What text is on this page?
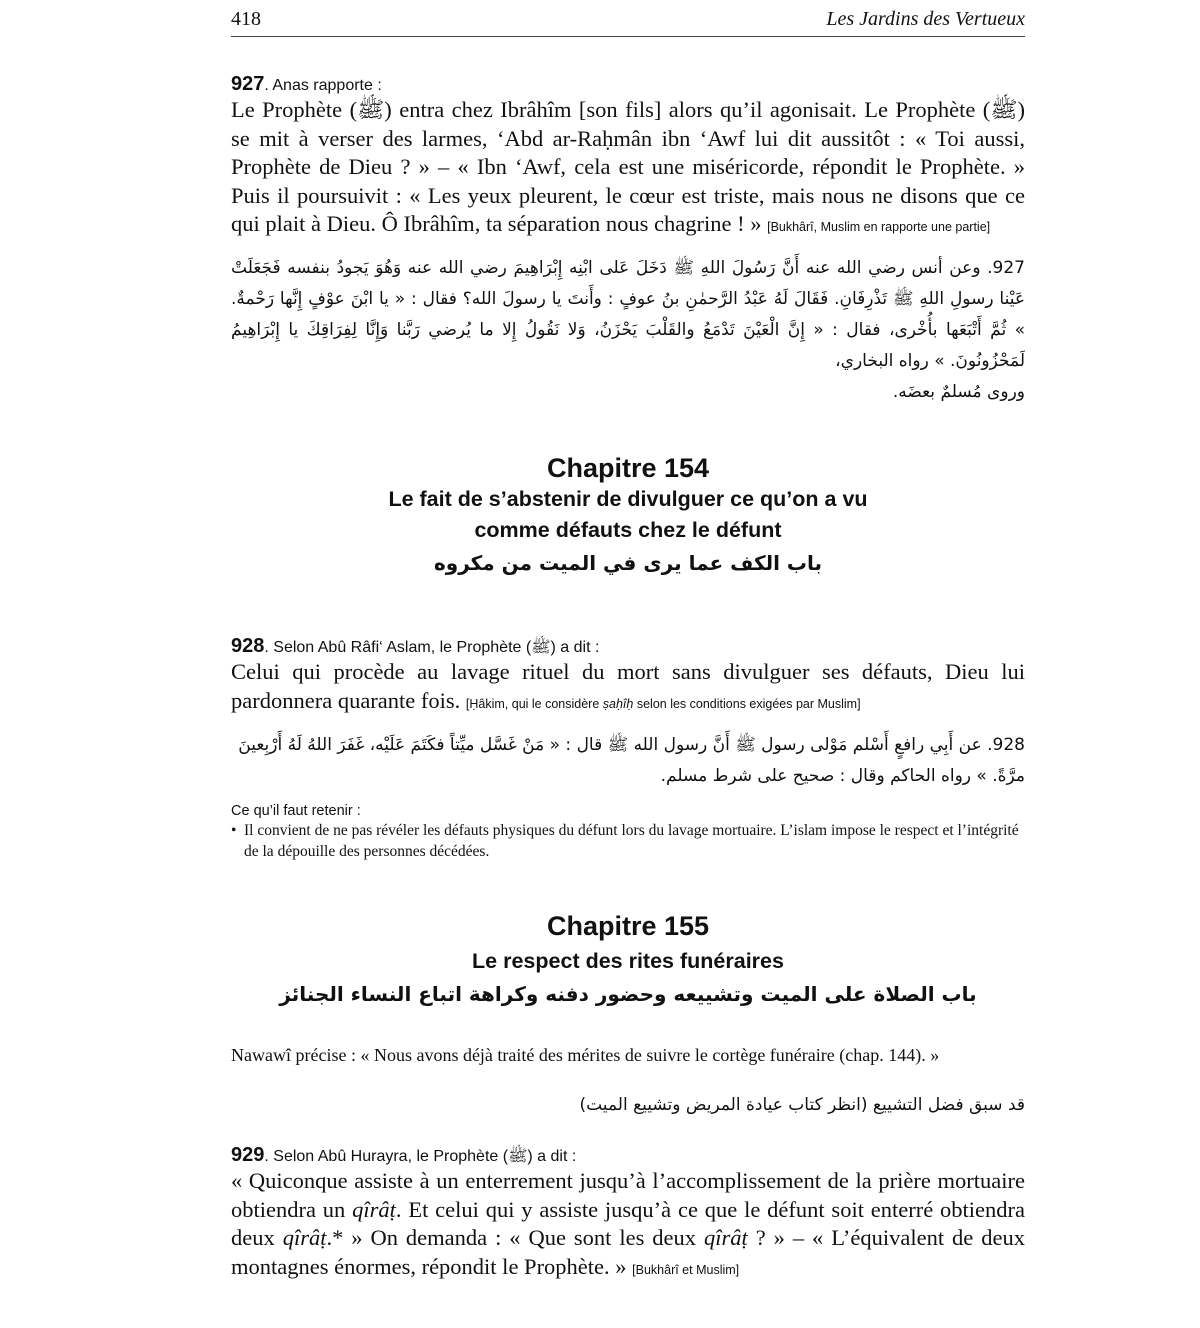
418	Les Jardins des Vertueux
927. Anas rapporte :
Le Prophète (ﷺ) entra chez Ibrâhîm [son fils] alors qu’il agonisait. Le Prophète (ﷺ) se mit à verser des larmes, ‘Abd ar-Raḥmân ibn ‘Awf lui dit aussitôt : « Toi aussi, Prophète de Dieu ? » – « Ibn ‘Awf, cela est une miséricorde, répondit le Prophète. » Puis il poursuivit : « Les yeux pleurent, le cœur est triste, mais nous ne disons que ce qui plait à Dieu. Ô Ibrâhîm, ta séparation nous chagrine ! » [Bukhârî, Muslim en rapporte une partie]
927. وعن أنس رضي الله عنه أَنَّ رَسُولَ اللهِ ﷺ دَخَلَ عَلى ابْنِه إِبْرَاهِيمَ رضي الله عنه وَهُوَ يَجودُ بنفسه فَجَعَلَتْ عَيْنا رسولِ اللهِ ﷺ تَذْرِفَانِ. فَقَالَ لَهُ عَبْدُ الرَّحمٰنِ بنُ عوفٍ : وأَنتَ يا رسولَ الله؟ فقال : « يا ابْنَ عوْفٍ إِنَّها رَحْمةٌ. » ثُمَّ أَتْبَعَها بأُخْرى، فقال : « إِنَّ الْعَيْنَ تَدْمَعُ والقَلْبَ يَحْزَنُ، وَلا نَقُولُ إِلا ما يُرضي رَبَّنا وَإِنَّا لِفِرَاقِكَ يا إِبْرَاهِيمُ لَمَحْزُونُونَ. » رواه البخاري،
وروى مُسلمٌ بعضَه.
Chapitre 154
Le fait de s’abstenir de divulguer ce qu’on a vu
comme défauts chez le défunt
باب الكف عما يرى في الميت من مكروه
928. Selon Abû Râfi‘ Aslam, le Prophète (ﷺ) a dit :
Celui qui procède au lavage rituel du mort sans divulguer ses défauts, Dieu lui pardonnera quarante fois. [Ḥâkim, qui le considère ṣaḥîḥ selon les conditions exigées par Muslim]
928. عن أَبِي رافعٍ أَسْلم مَوْلى رسول ﷺ أَنَّ رسول الله ﷺ قال : « مَنْ غَسَّل ميِّتاً فكَتَمَ عَلَيْه، غَفَرَ اللهُ لَهُ أَرْبِعينَ
مرَّةً. » رواه الحاكم وقال : صحيح على شرط مسلم.
Ce qu’il faut retenir :
• Il convient de ne pas révéler les défauts physiques du défunt lors du lavage mortuaire. L’islam impose le respect et l’intégrité de la dépouille des personnes décédées.
Chapitre 155
Le respect des rites funéraires
باب الصلاة على الميت وتشييعه وحضور دفنه وكراهة اتباع النساء الجنائز
Nawawî précise : « Nous avons déjà traité des mérites de suivre le cortège funéraire (chap. 144). »
قد سبق فضل التشييع (انظر كتاب عيادة المريض وتشييع الميت)
929. Selon Abû Hurayra, le Prophète (ﷺ) a dit :
« Quiconque assiste à un enterrement jusqu’à l’accomplissement de la prière mortuaire obtiendra un qîrâṭ. Et celui qui y assiste jusqu’à ce que le défunt soit enterré obtiendra deux qîrâṭ.* » On demanda : « Que sont les deux qîrâṭ ? » – « L’équivalent de deux montagnes énormes, répondit le Prophète. » [Bukhârî et Muslim]
